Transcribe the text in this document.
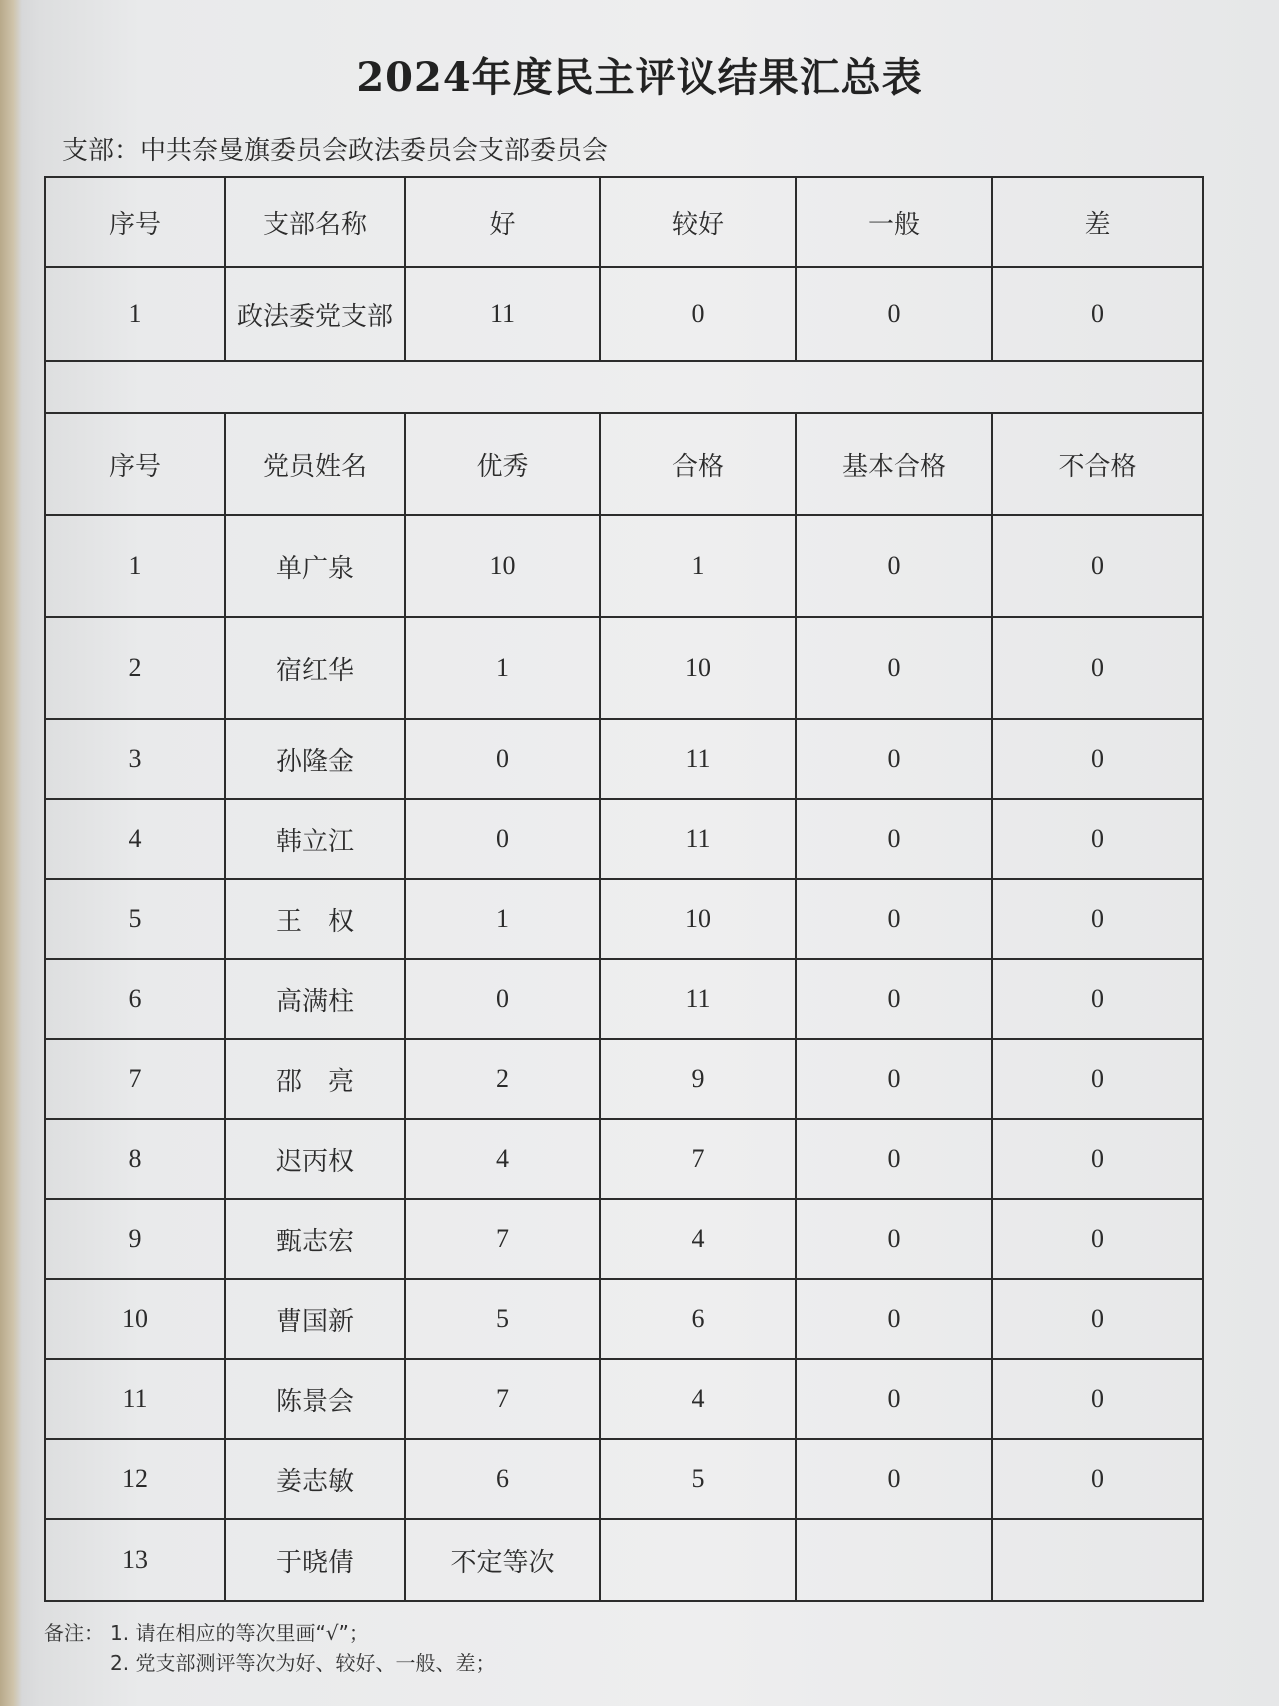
2024年度民主评议结果汇总表
支部：中共奈曼旗委员会政法委员会支部委员会
序号	支部名称	好	较好	一般	差
1	政法委党支部	11	0	0	0

序号	党员姓名	优秀	合格	基本合格	不合格
1	单广泉	10	1	0	0
2	宿红华	1	10	0	0
3	孙隆金	0	11	0	0
4	韩立江	0	11	0	0
5	王　权	1	10	0	0
6	高满柱	0	11	0	0
7	邵　亮	2	9	0	0
8	迟丙权	4	7	0	0
9	甄志宏	7	4	0	0
10	曹国新	5	6	0	0
11	陈景会	7	4	0	0
12	姜志敏	6	5	0	0
13	于晓倩	不定等次			
备注： 1. 请在相应的等次里画“√”；
2. 党支部测评等次为好、较好、一般、差；
